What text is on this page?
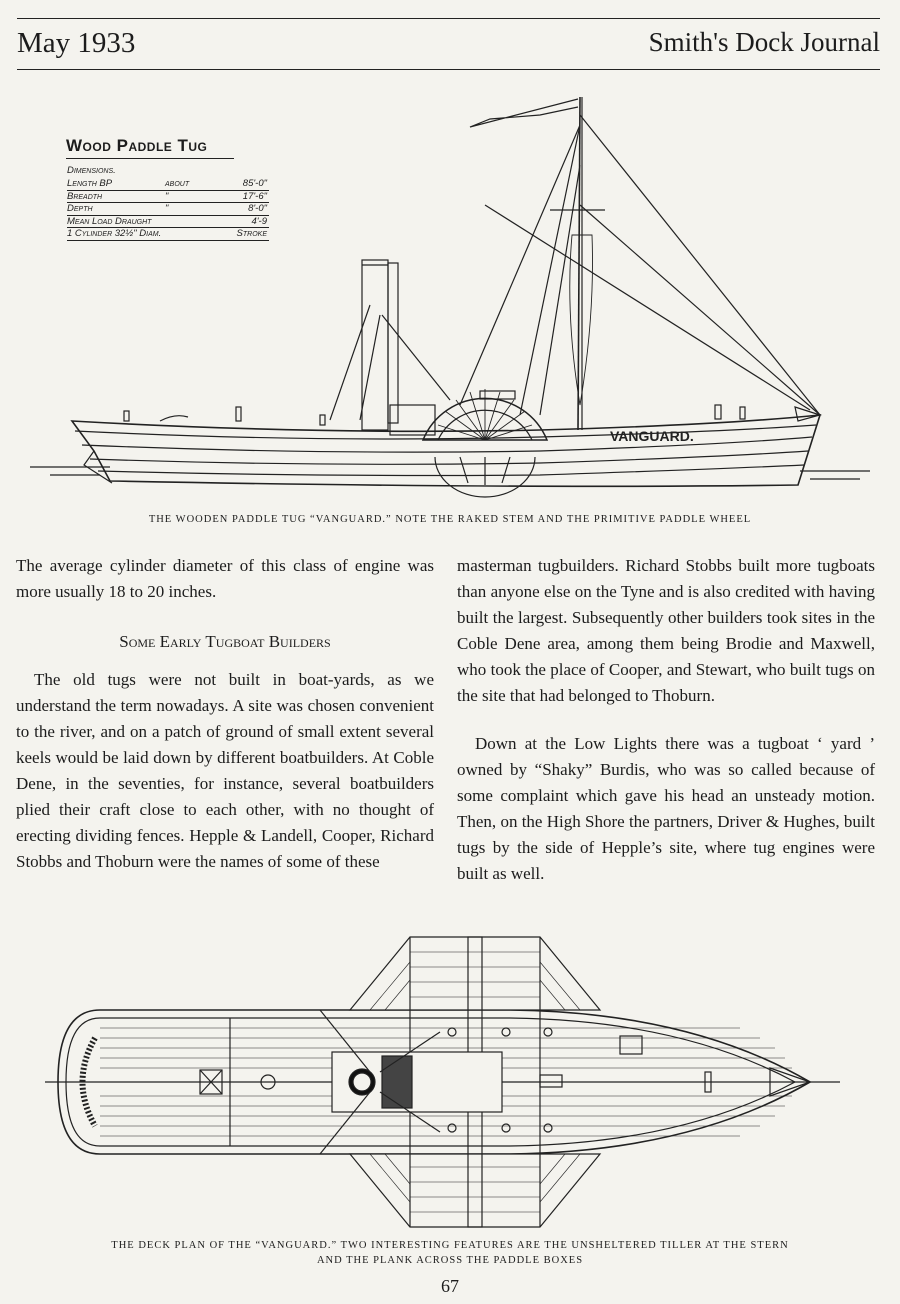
May 1933	Smith's Dock Journal
VANGUARD.
Wood Paddle Tug
Dimensions.
Length BP	about	85'-0"
Breadth	"	17'-6"
Depth	"	8'-0"
Mean Load Draught	4'-9
1 Cylinder 32½" Diam.	Stroke
THE WOODEN PADDLE TUG “VANGUARD.” NOTE THE RAKED STEM AND THE PRIMITIVE PADDLE WHEEL

The average cylinder diameter of this class of engine was more usually 18 to 20 inches.

Some Early Tugboat Builders

The old tugs were not built in boat-yards, as we understand the term nowadays. A site was chosen convenient to the river, and on a patch of ground of small extent several keels would be laid down by different boatbuilders. At Coble Dene, in the seventies, for instance, several boatbuilders plied their craft close to each other, with no thought of erecting dividing fences. Hepple & Landell, Cooper, Richard Stobbs and Thoburn were the names of some of these

masterman tugbuilders. Richard Stobbs built more tugboats than anyone else on the Tyne and is also credited with having built the largest. Subsequently other builders took sites in the Coble Dene area, among them being Brodie and Maxwell, who took the place of Cooper, and Stewart, who built tugs on the site that had belonged to Thoburn.

Down at the Low Lights there was a tugboat ‘ yard ’ owned by “Shaky” Burdis, who was so called because of some complaint which gave his head an unsteady motion. Then, on the High Shore the partners, Driver & Hughes, built tugs by the side of Hepple’s site, where tug engines were built as well.

THE DECK PLAN OF THE “VANGUARD.” TWO INTERESTING FEATURES ARE THE UNSHELTERED TILLER AT THE STERN
AND THE PLANK ACROSS THE PADDLE BOXES
67
